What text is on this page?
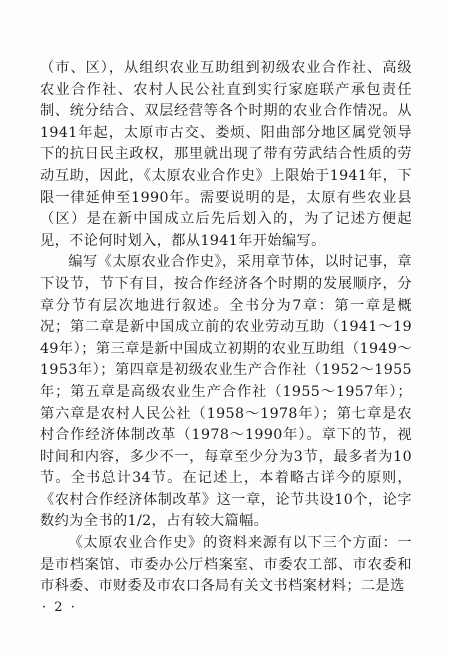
（市、区），从组织农业互助组到初级农业合作社、高级农业合作社、农村人民公社直到实行家庭联产承包责任制、统分结合、双层经营等各个时期的农业合作情况。从1941年起，太原市古交、娄烦、阳曲部分地区属党领导下的抗日民主政权，那里就出现了带有劳武结合性质的劳动互助，因此，《太原农业合作史》上限始于1941年，下限一律延伸至1990年。需要说明的是，太原有些农业县（区）是在新中国成立后先后划入的，为了记述方便起见，不论何时划入，都从1941年开始编写。

编写《太原农业合作史》，采用章节体，以时记事，章下设节，节下有目，按合作经济各个时期的发展顺序，分章分节有层次地进行叙述。全书分为7章：第一章是概况；第二章是新中国成立前的农业劳动互助（1941～1949年）；第三章是新中国成立初期的农业互助组（1949～1953年）；第四章是初级农业生产合作社（1952～1955年；第五章是高级农业生产合作社（1955～1957年）；第六章是农村人民公社（1958～1978年）；第七章是农村合作经济体制改革（1978～1990年）。章下的节，视时间和内容，多少不一，每章至少分为3节，最多者为10节。全书总计34节。在记述上，本着略古详今的原则，《农村合作经济体制改革》这一章，论节共设10个，论字数约为全书的1/2，占有较大篇幅。

《太原农业合作史》的资料来源有以下三个方面：一是市档案馆、市委办公厅档案室、市委农工部、市农委和市科委、市财委及市农口各局有关文书档案材料；二是选

· 2 ·
